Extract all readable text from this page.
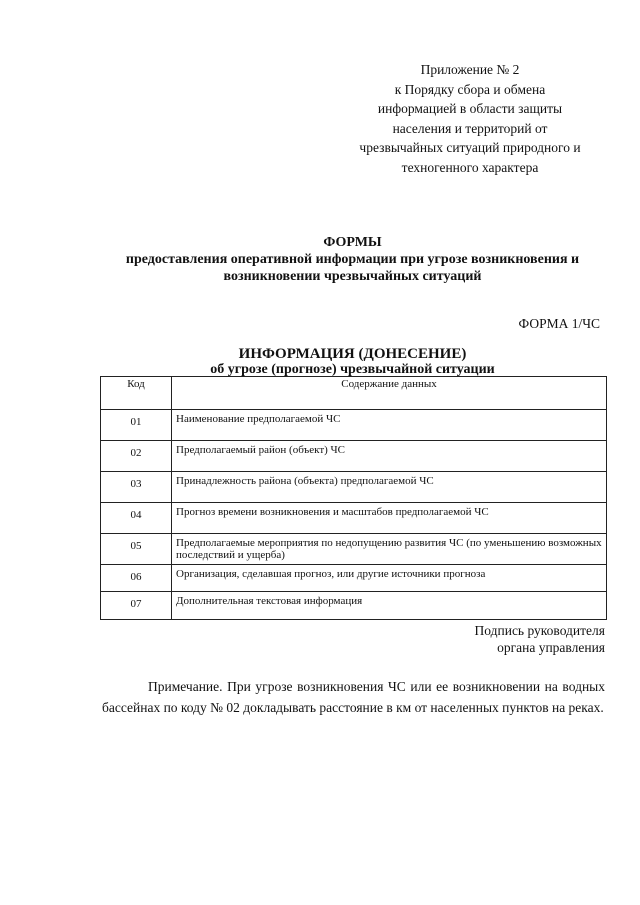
Приложение № 2
к Порядку сбора и обмена
информацией в области защиты
населения и территорий от
чрезвычайных ситуаций природного и
техногенного характера
ФОРМЫ
предоставления оперативной информации при угрозе возникновения и
возникновении чрезвычайных ситуаций
ФОРМА 1/ЧС
ИНФОРМАЦИЯ (ДОНЕСЕНИЕ)
об угрозе (прогнозе) чрезвычайной ситуации
Код	Содержание данных
01	Наименование предполагаемой ЧС
02	Предполагаемый район (объект) ЧС
03	Принадлежность района (объекта) предполагаемой ЧС
04	Прогноз времени возникновения и масштабов предполагаемой ЧС
05	Предполагаемые мероприятия по недопущению развития ЧС (по уменьшению возможных последствий и ущерба)
06	Организация, сделавшая прогноз, или другие источники прогноза
07	Дополнительная текстовая информация
Подпись руководителя
органа управления
Примечание. При угрозе возникновения ЧС или ее возникновении на водных бассейнах по коду № 02 докладывать расстояние в км от населенных пунктов на реках.
